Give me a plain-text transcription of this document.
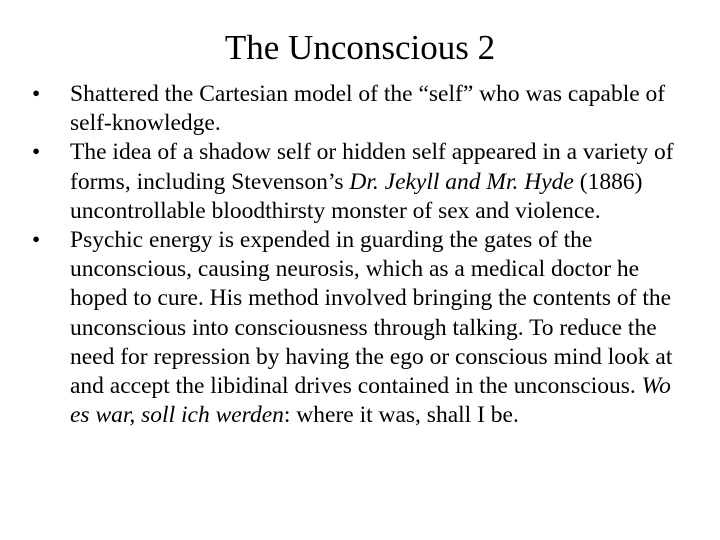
The Unconscious 2
•	Shattered the Cartesian model of the “self” who was capable of self-knowledge.
•	The idea of a shadow self or hidden self appeared in a variety of forms, including Stevenson’s Dr. Jekyll and Mr. Hyde (1886) uncontrollable bloodthirsty monster of sex and violence.
•	Psychic energy is expended in guarding the gates of the unconscious, causing neurosis, which as a medical doctor he hoped to cure. His method involved bringing the contents of the unconscious into consciousness through talking. To reduce the need for repression by having the ego or conscious mind look at and accept the libidinal drives contained in the unconscious. Wo es war, soll ich werden: where it was, shall I be.
